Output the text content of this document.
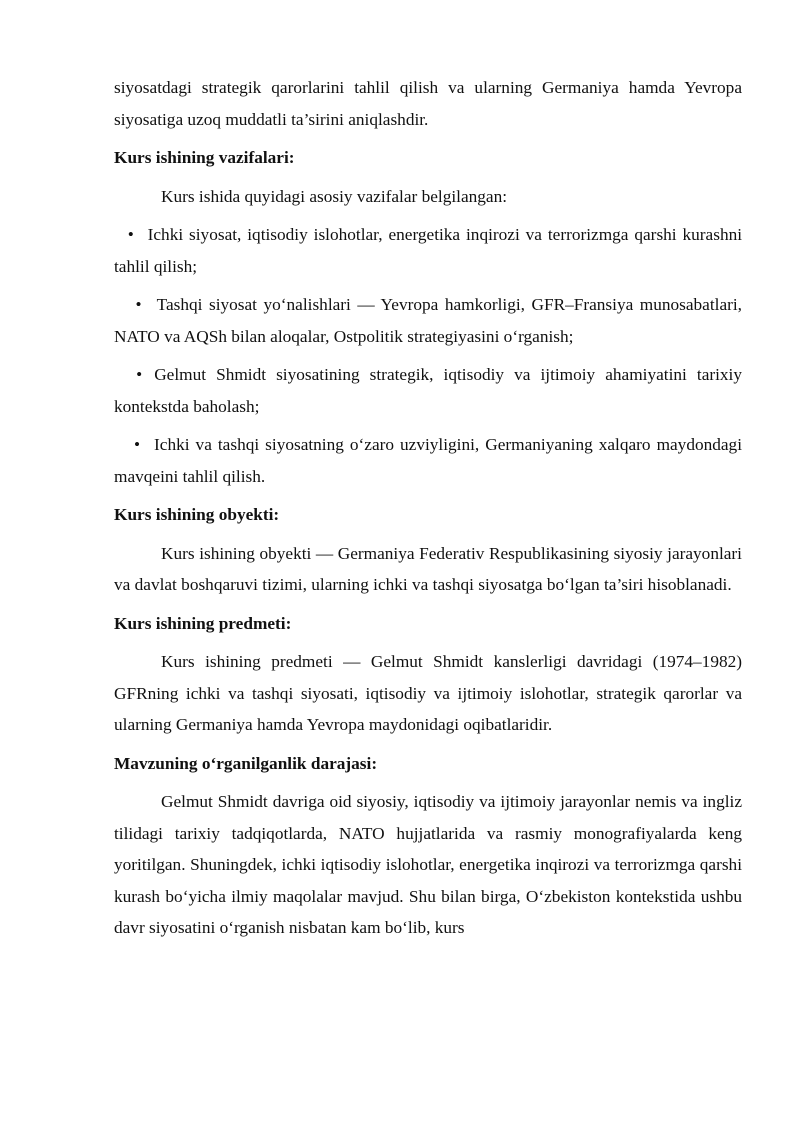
siyosatdagi strategik qarorlarini tahlil qilish va ularning Germaniya hamda Yevropa siyosatiga uzoq muddatli ta’sirini aniqlashdir.

Kurs ishining vazifalari:

Kurs ishida quyidagi asosiy vazifalar belgilangan:

• Ichki siyosat, iqtisodiy islohotlar, energetika inqirozi va terrorizmga qarshi kurashni tahlil qilish;

• Tashqi siyosat yo‘nalishlari — Yevropa hamkorligi, GFR–Fransiya munosabatlari, NATO va AQSh bilan aloqalar, Ostpolitik strategiyasini o‘rganish;

• Gelmut Shmidt siyosatining strategik, iqtisodiy va ijtimoiy ahamiyatini tarixiy kontekstda baholash;

• Ichki va tashqi siyosatning o‘zaro uzviyligini, Germaniyaning xalqaro maydondagi mavqeini tahlil qilish.

Kurs ishining obyekti:

Kurs ishining obyekti — Germaniya Federativ Respublikasining siyosiy jarayonlari va davlat boshqaruvi tizimi, ularning ichki va tashqi siyosatga bo‘lgan ta’siri hisoblanadi.

Kurs ishining predmeti:

Kurs ishining predmeti — Gelmut Shmidt kanslerligi davridagi (1974–1982) GFRning ichki va tashqi siyosati, iqtisodiy va ijtimoiy islohotlar, strategik qarorlar va ularning Germaniya hamda Yevropa maydonidagi oqibatlaridir.

Mavzuning o‘rganilganlik darajasi:

Gelmut Shmidt davriga oid siyosiy, iqtisodiy va ijtimoiy jarayonlar nemis va ingliz tilidagi tarixiy tadqiqotlarda, NATO hujjatlarida va rasmiy monografiyalarda keng yoritilgan. Shuningdek, ichki iqtisodiy islohotlar, energetika inqirozi va terrorizmga qarshi kurash bo‘yicha ilmiy maqolalar mavjud. Shu bilan birga, O‘zbekiston kontekstida ushbu davr siyosatini o‘rganish nisbatan kam bo‘lib, kurs
